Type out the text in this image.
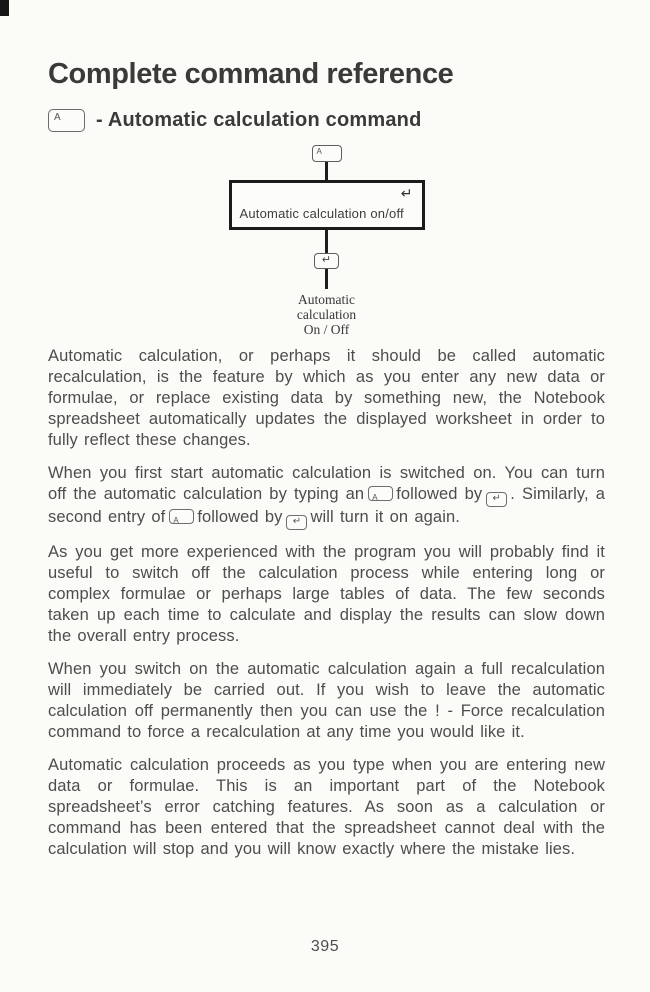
Complete command reference
A - Automatic calculation command
A
↵
Automatic calculation on/off
↵
Automatic
calculation
On / Off

Automatic calculation, or perhaps it should be called automatic recalculation, is the feature by which as you enter any new data or formulae, or replace existing data by something new, the Notebook spreadsheet automatically updates the displayed worksheet in order to fully reflect these changes.

When you first start automatic calculation is switched on. You can turn off the automatic calculation by typing an A followed by ↵ . Similarly, a second entry of A followed by ↵ will turn it on again.

As you get more experienced with the program you will probably find it useful to switch off the calculation process while entering long or complex formulae or perhaps large tables of data. The few seconds taken up each time to calculate and display the results can slow down the overall entry process.

When you switch on the automatic calculation again a full recalculation will immediately be carried out. If you wish to leave the automatic calculation off permanently then you can use the ! - Force recalculation command to force a recalculation at any time you would like it.

Automatic calculation proceeds as you type when you are entering new data or formulae. This is an important part of the Notebook spreadsheet’s error catching features. As soon as a calculation or command has been entered that the spreadsheet cannot deal with the calculation will stop and you will know exactly where the mistake lies.

395
